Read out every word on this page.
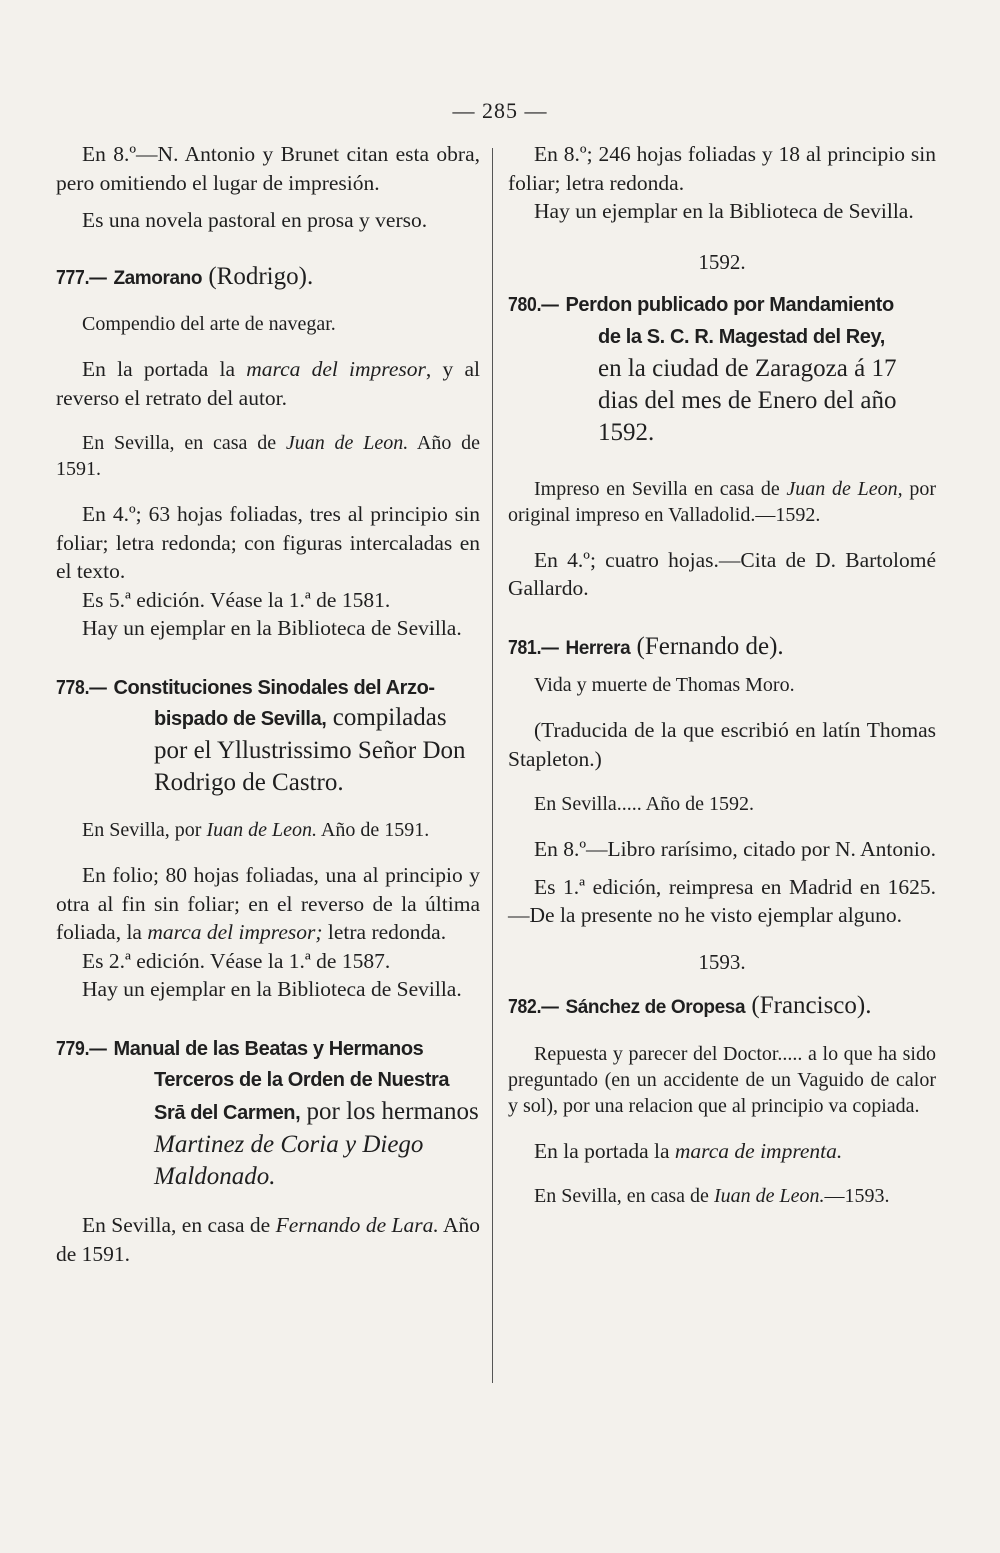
— 285 —

En 8.º—N. Antonio y Brunet citan esta obra, pero omitiendo el lugar de impresión.

Es una novela pastoral en prosa y verso.

777.— Zamorano (Rodrigo).

Compendio del arte de navegar.

En la portada la marca del impresor, y al reverso el retrato del autor.

En Sevilla, en casa de Juan de Leon. Año de 1591.

En 4.º; 63 hojas foliadas, tres al principio sin foliar; letra redonda; con figuras intercaladas en el texto.

Es 5.ª edición. Véase la 1.ª de 1581.

Hay un ejemplar en la Biblioteca de Sevilla.

778.— Constituciones Sinodales del Arzo-
bispado de Sevilla, compiladas por el Yllustrissimo Señor Don Rodrigo de Castro.

En Sevilla, por Iuan de Leon. Año de 1591.

En folio; 80 hojas foliadas, una al principio y otra al fin sin foliar; en el reverso de la última foliada, la marca del impresor; letra redonda.

Es 2.ª edición. Véase la 1.ª de 1587.

Hay un ejemplar en la Biblioteca de Sevilla.

779.— Manual de las Beatas y Hermanos
Terceros de la Orden de Nuestra
Srā del Carmen, por los hermanos Martinez de Coria y Diego Maldonado.

En Sevilla, en casa de Fernando de Lara. Año de 1591.

En 8.º; 246 hojas foliadas y 18 al principio sin foliar; letra redonda.

Hay un ejemplar en la Biblioteca de Sevilla.

1592.
780.— Perdon publicado por Mandamiento
de la S. C. R. Magestad del Rey,
en la ciudad de Zaragoza á 17 dias del mes de Enero del año 1592.

Impreso en Sevilla en casa de Juan de Leon, por original impreso en Valladolid.—1592.

En 4.º; cuatro hojas.—Cita de D. Bartolomé Gallardo.

781.— Herrera (Fernando de).

Vida y muerte de Thomas Moro.

(Traducida de la que escribió en latín Thomas Stapleton.)

En Sevilla..... Año de 1592.

En 8.º—Libro rarísimo, citado por N. Antonio.

Es 1.ª edición, reimpresa en Madrid en 1625.—De la presente no he visto ejemplar alguno.

1593.

782.— Sánchez de Oropesa (Francisco).

Repuesta y parecer del Doctor..... a lo que ha sido preguntado (en un accidente de un Vaguido de calor y sol), por una relacion que al principio va copiada.

En la portada la marca de imprenta.

En Sevilla, en casa de Iuan de Leon.—1593.
